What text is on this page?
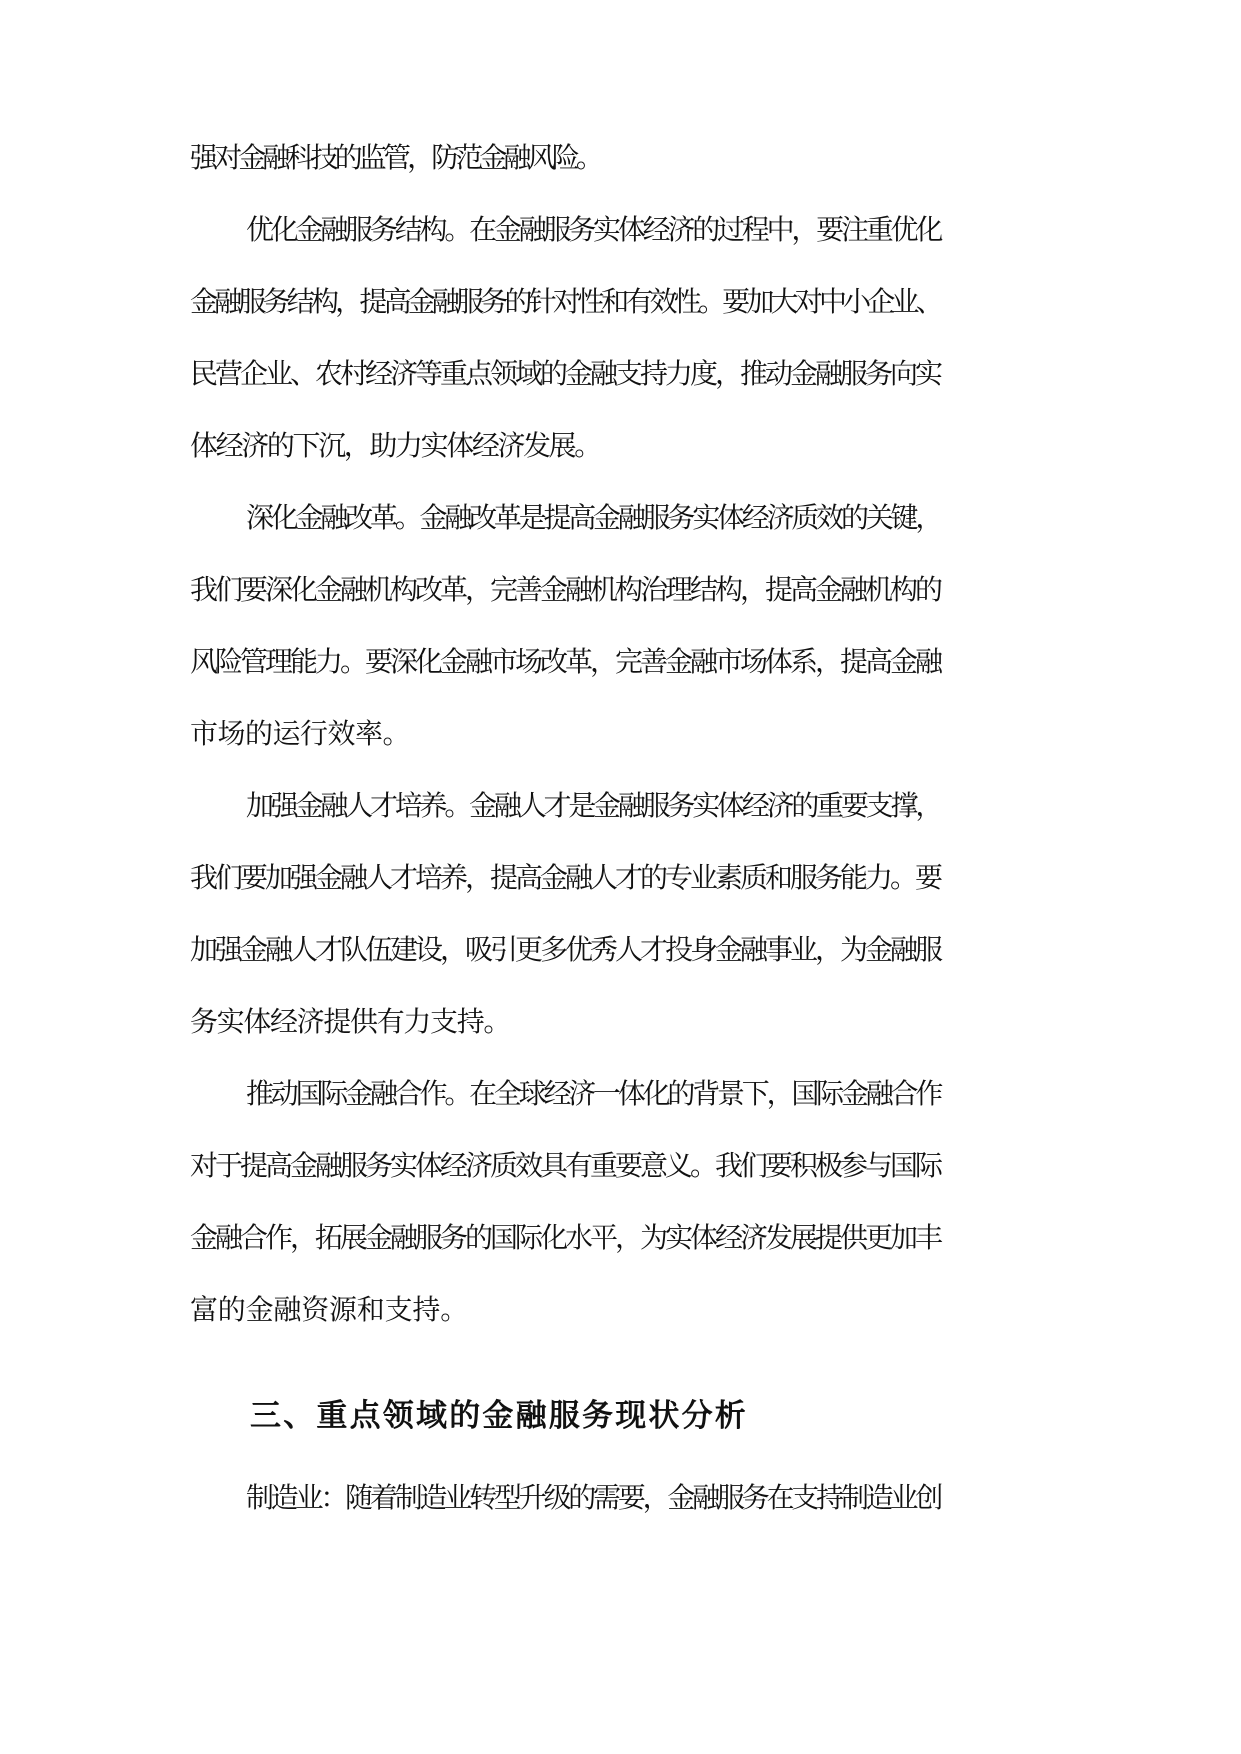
强对金融科技的监管，防范金融风险。

优化金融服务结构。在金融服务实体经济的过程中，要注重优化

金融服务结构，提高金融服务的针对性和有效性。要加大对中小企业、

民营企业、农村经济等重点领域的金融支持力度，推动金融服务向实

体经济的下沉，助力实体经济发展。

深化金融改革。金融改革是提高金融服务实体经济质效的关键，

我们要深化金融机构改革，完善金融机构治理结构，提高金融机构的

风险管理能力。要深化金融市场改革，完善金融市场体系，提高金融

市场的运行效率。

加强金融人才培养。金融人才是金融服务实体经济的重要支撑，

我们要加强金融人才培养，提高金融人才的专业素质和服务能力。要

加强金融人才队伍建设，吸引更多优秀人才投身金融事业，为金融服

务实体经济提供有力支持。

推动国际金融合作。在全球经济一体化的背景下，国际金融合作

对于提高金融服务实体经济质效具有重要意义。我们要积极参与国际

金融合作，拓展金融服务的国际化水平，为实体经济发展提供更加丰

富的金融资源和支持。

三、重点领域的金融服务现状分析

制造业：随着制造业转型升级的需要，金融服务在支持制造业创
